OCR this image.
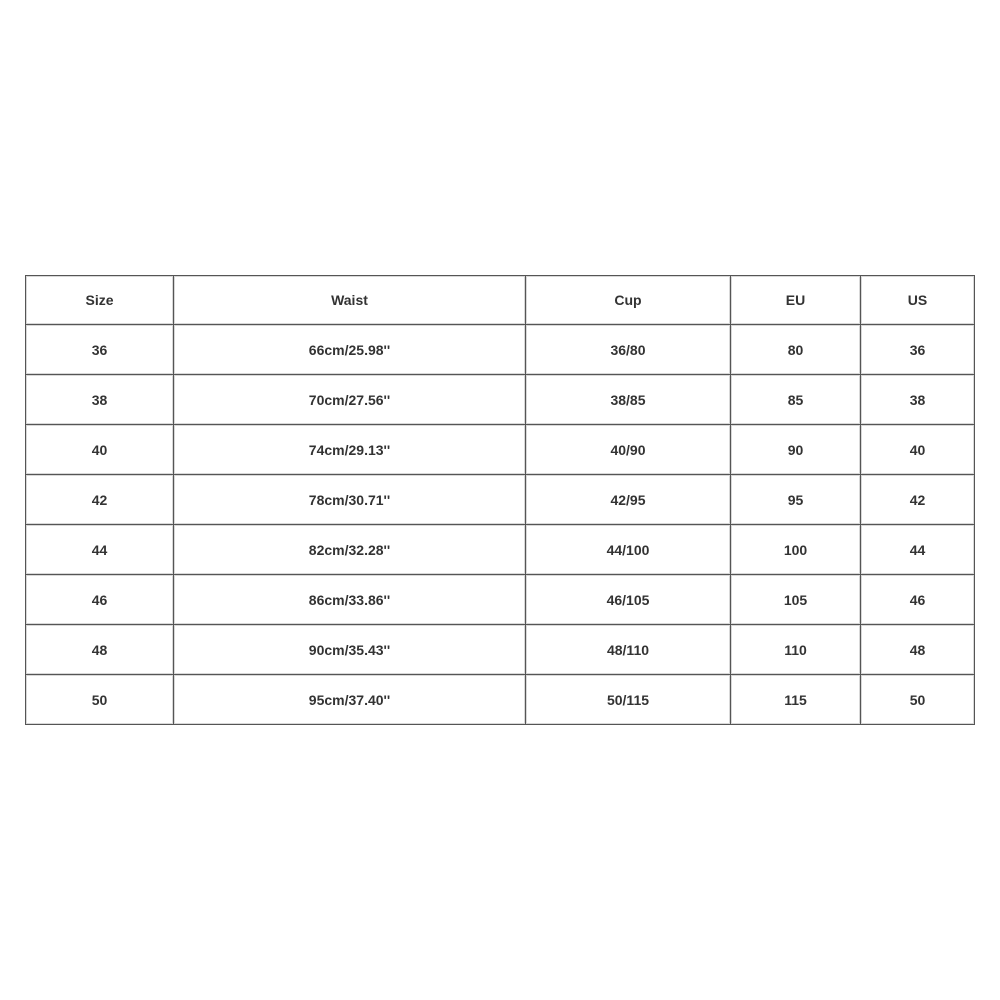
Size	Waist	Cup	EU	US
36	66cm/25.98''	36/80	80	36
38	70cm/27.56''	38/85	85	38
40	74cm/29.13''	40/90	90	40
42	78cm/30.71''	42/95	95	42
44	82cm/32.28''	44/100	100	44
46	86cm/33.86''	46/105	105	46
48	90cm/35.43''	48/110	110	48
50	95cm/37.40''	50/115	115	50
